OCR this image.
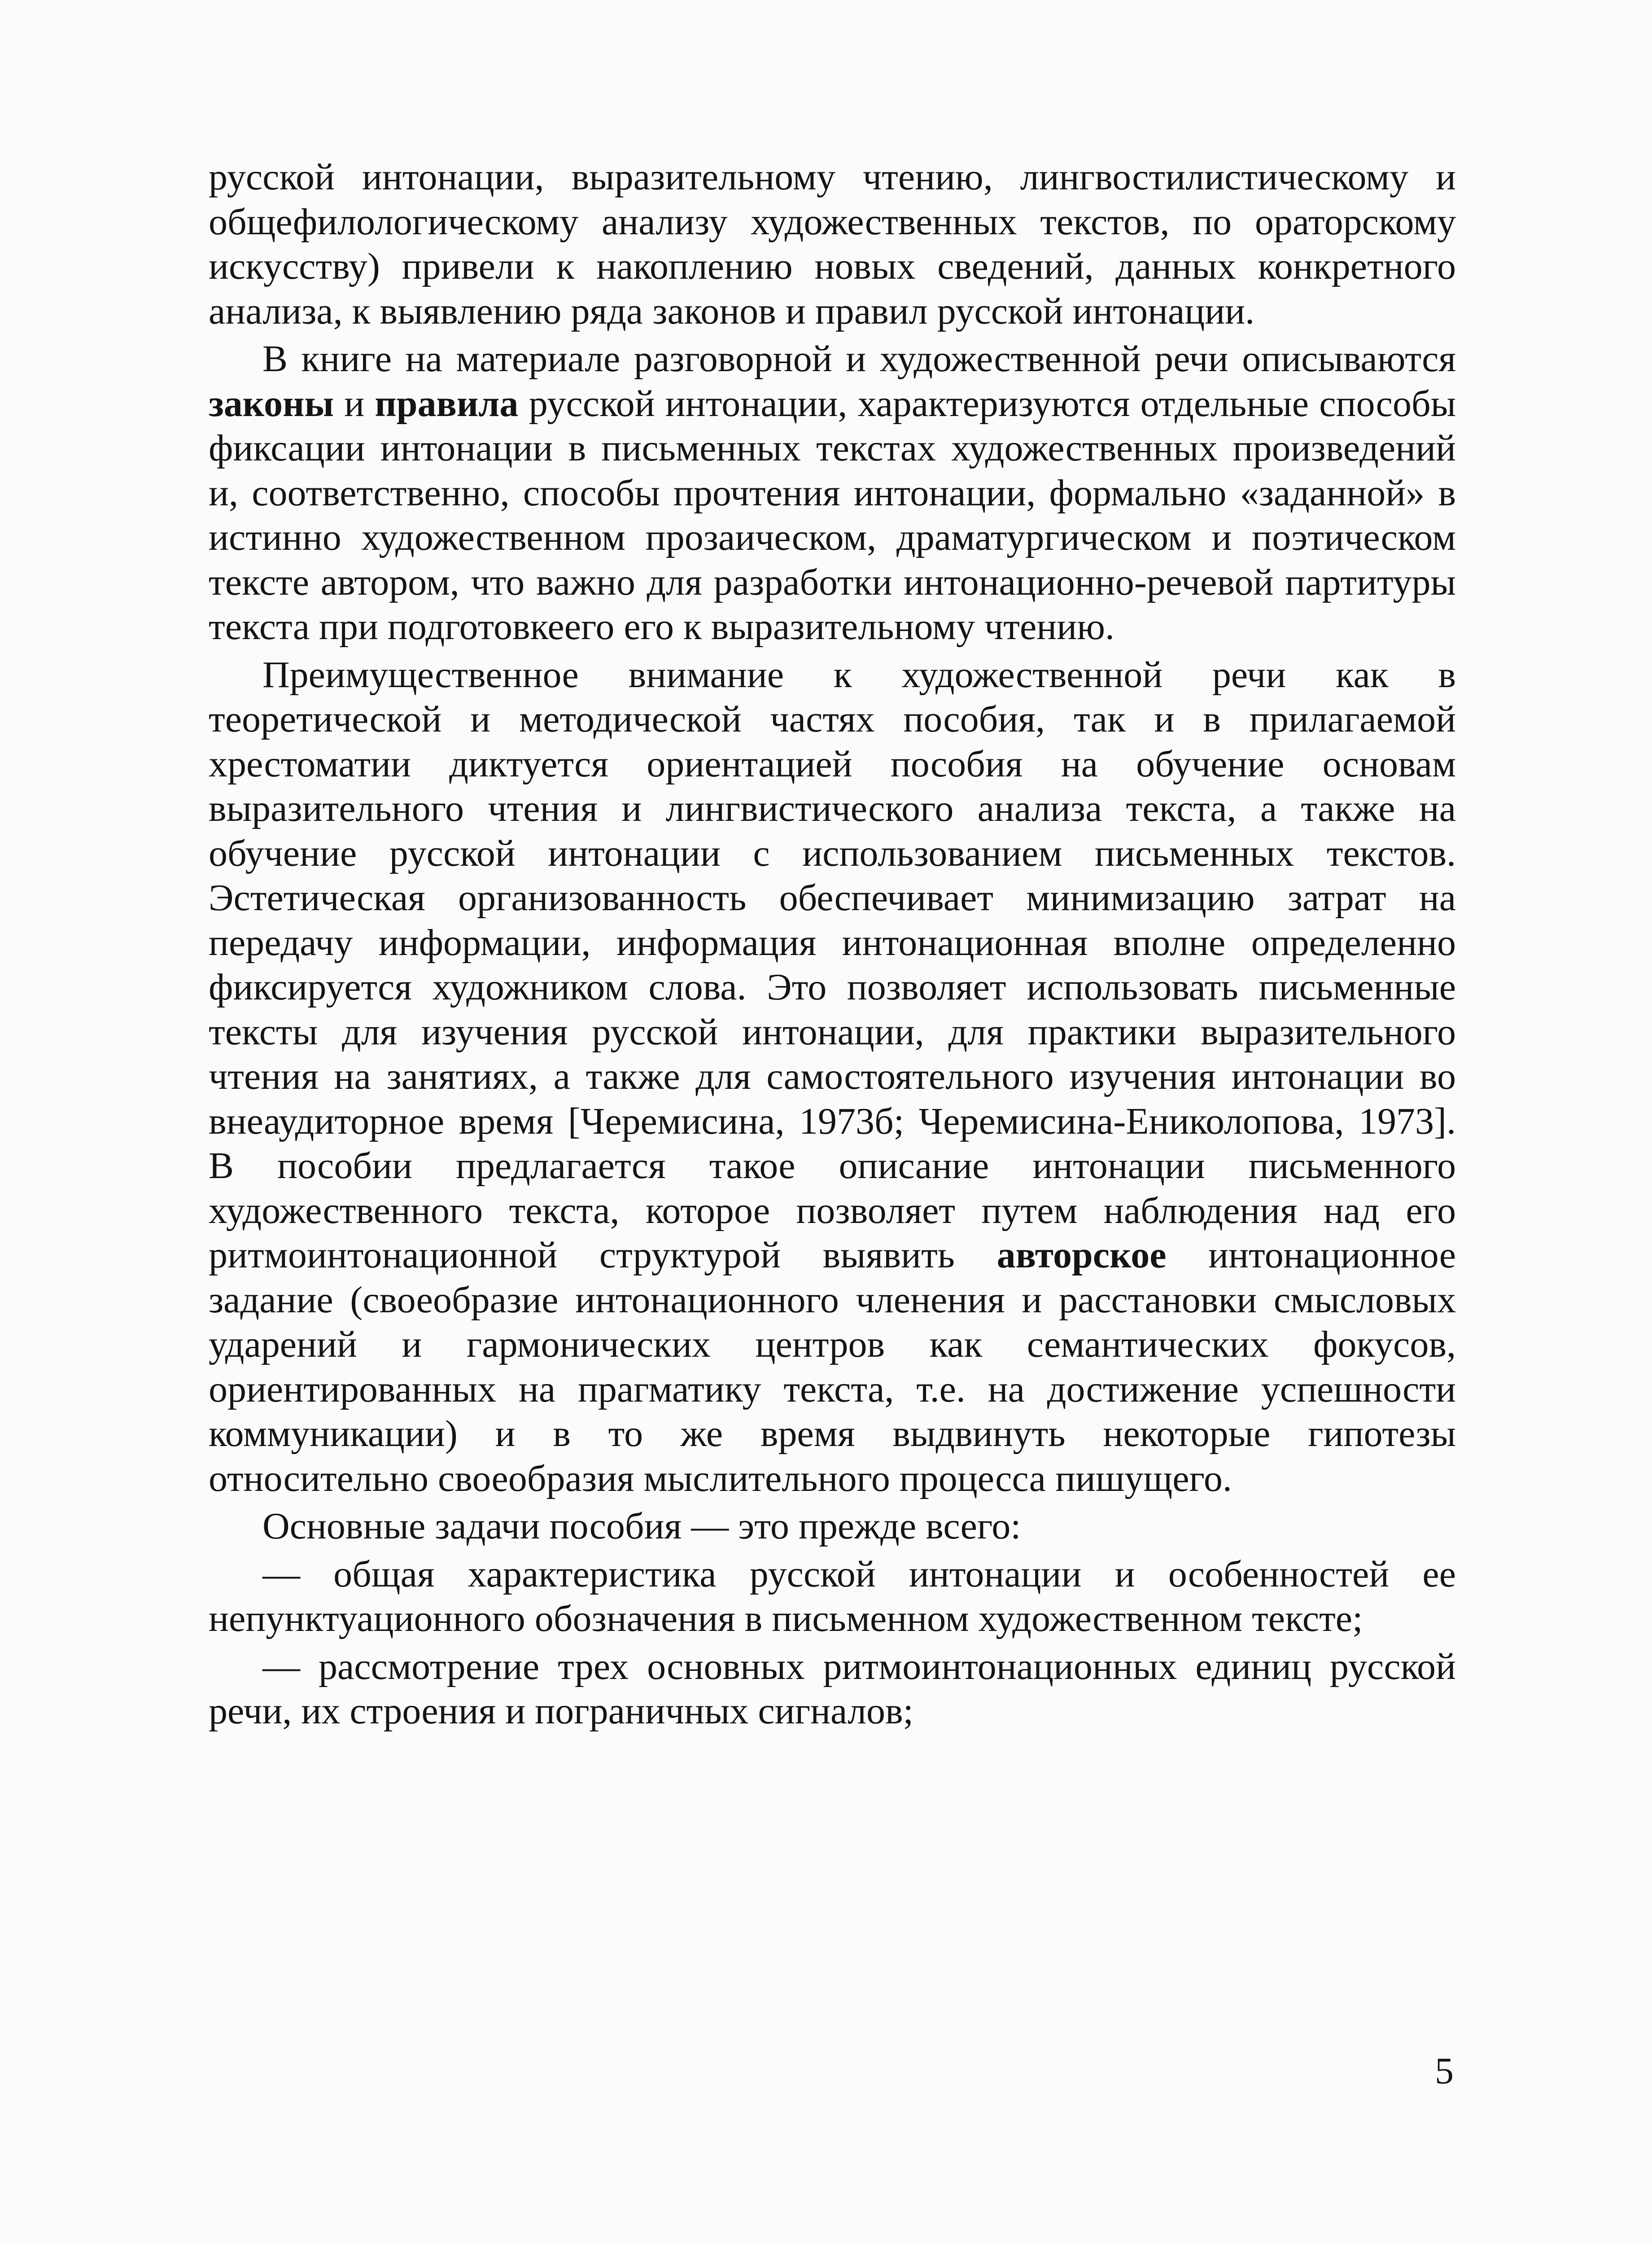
русской интонации, выразительному чтению, лингвостилистическому и общефилологическому анализу художественных текстов, по ораторскому искусству) привели к накоплению новых сведений, данных конкретного анализа, к выявлению ряда законов и правил русской интонации.

В книге на материале разговорной и художественной речи описываются законы и правила русской интонации, характеризуются отдельные способы фиксации интонации в письменных текстах художественных произведений и, соответственно, способы прочтения интонации, формально «заданной» в истинно художественном прозаическом, драматургическом и поэтическом тексте автором, что важно для разработки интонационно-речевой партитуры текста при подготовкеего его к выразительному чтению.

Преимущественное внимание к художественной речи как в теоретической и методической частях пособия, так и в прилагаемой хрестоматии диктуется ориентацией пособия на обучение основам выразительного чтения и лингвистического анализа текста, а также на обучение русской интонации с использованием письменных текстов. Эстетическая организованность обеспечивает минимизацию затрат на передачу информации, информация интонационная вполне определенно фиксируется художником слова. Это позволяет использовать письменные тексты для изучения русской интонации, для практики выразительного чтения на занятиях, а также для самостоятельного изучения интонации во внеаудиторное время [Черемисина, 1973б; Черемисина-Ениколопова, 1973]. В пособии предлагается такое описание интонации письменного художественного текста, которое позволяет путем наблюдения над его ритмоинтонационной структурой выявить авторское интонационное задание (своеобразие интонационного членения и расстановки смысловых ударений и гармонических центров как семантических фокусов, ориентированных на прагматику текста, т.е. на достижение успешности коммуникации) и в то же время выдвинуть некоторые гипотезы относительно своеобразия мыслительного процесса пишущего.

Основные задачи пособия — это прежде всего:

— общая характеристика русской интонации и особенностей ее непунктуационного обозначения в письменном художественном тексте;

— рассмотрение трех основных ритмоинтонационных единиц русской речи, их строения и пограничных сигналов;

5
